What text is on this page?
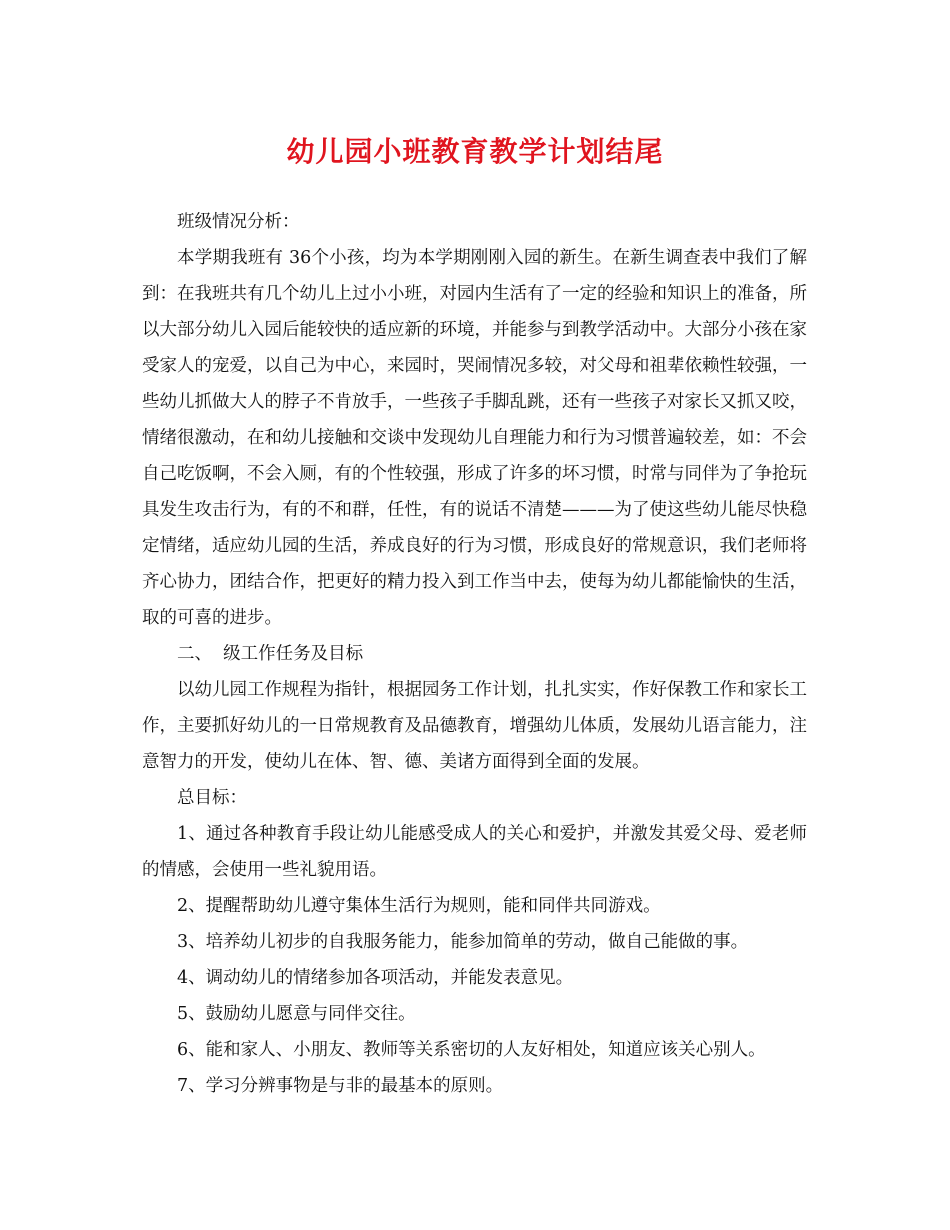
幼儿园小班教育教学计划结尾

班级情况分析：

本学期我班有 36个小孩，均为本学期刚刚入园的新生。在新生调查表中我们了解到：在我班共有几个幼儿上过小小班，对园内生活有了一定的经验和知识上的准备，所以大部分幼儿入园后能较快的适应新的环境，并能参与到教学活动中。大部分小孩在家受家人的宠爱，以自己为中心，来园时，哭闹情况多较，对父母和祖辈依赖性较强，一些幼儿抓做大人的脖子不肯放手，一些孩子手脚乱跳，还有一些孩子对家长又抓又咬，情绪很激动，在和幼儿接触和交谈中发现幼儿自理能力和行为习惯普遍较差，如：不会自己吃饭啊，不会入厕，有的个性较强，形成了许多的坏习惯，时常与同伴为了争抢玩具发生攻击行为，有的不和群，任性，有的说话不清楚———为了使这些幼儿能尽快稳定情绪，适应幼儿园的生活，养成良好的行为习惯，形成良好的常规意识，我们老师将齐心协力，团结合作，把更好的精力投入到工作当中去，使每为幼儿都能愉快的生活，取的可喜的进步。

二、  级工作任务及目标

以幼儿园工作规程为指针，根据园务工作计划，扎扎实实，作好保教工作和家长工作，主要抓好幼儿的一日常规教育及品德教育，增强幼儿体质，发展幼儿语言能力，注意智力的开发，使幼儿在体、智、德、美诸方面得到全面的发展。

总目标：

1、通过各种教育手段让幼儿能感受成人的关心和爱护，并激发其爱父母、爱老师的情感，会使用一些礼貌用语。

2、提醒帮助幼儿遵守集体生活行为规则，能和同伴共同游戏。

3、培养幼儿初步的自我服务能力，能参加简单的劳动，做自己能做的事。

4、调动幼儿的情绪参加各项活动，并能发表意见。

5、鼓励幼儿愿意与同伴交往。

6、能和家人、小朋友、教师等关系密切的人友好相处，知道应该关心别人。

7、学习分辨事物是与非的最基本的原则。
